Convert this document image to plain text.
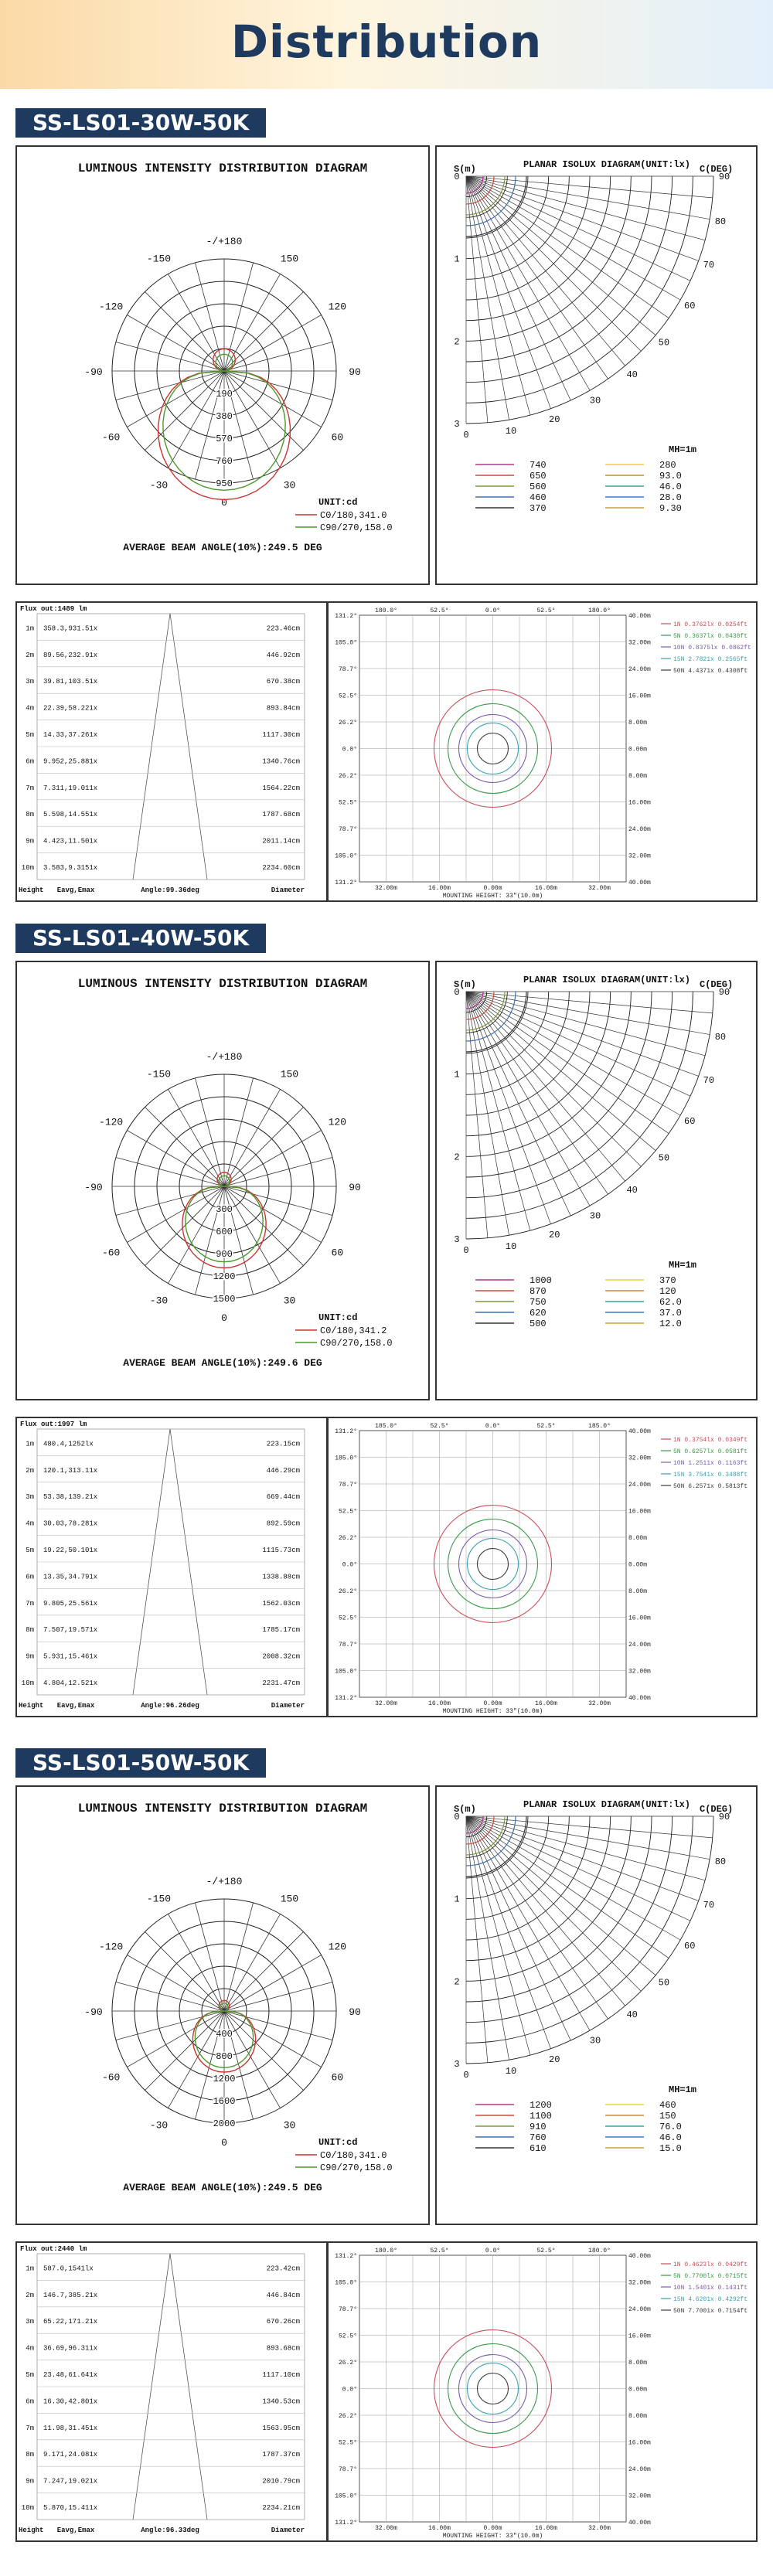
Distribution
SS-LS01-30W-50K
LUMINOUS INTENSITY DISTRIBUTION DIAGRAM
-/+180
-150	150
-120	120
-90	90
-60	60
-30	30
0
190
380
570
760
950
UNIT:cd
C0/180,341.0
C90/270,158.0
AVERAGE BEAM ANGLE(10%):249.5 DEG
PLANAR ISOLUX DIAGRAM(UNIT:lx)
S(m)	C(DEG)
90
80
70
60
50
40
30
20
10
0
0
1
2
3
MH=1m
740
650
560
460
370
280
93.0
46.0
28.0
9.30
Flux out:1489 lm
1m 358.3,931.51x	223.46cm
2m 89.56,232.91x	446.92cm
3m 39.81,103.51x	670.38cm
4m 22.39,58.221x	893.84cm
5m 14.33,37.261x	1117.30cm
6m 9.952,25.881x	1340.76cm
7m 7.311,19.011x	1564.22cm
8m 5.598,14.551x	1787.68cm
9m 4.423,11.501x	2011.14cm
10m 3.583,9.3151x	2234.60cm
Height Eavg,Emax	Angle:99.36deg	Diameter
180.0°	52.5°	0.0°	52.5°	180.0°
131.2°
105.0°
78.7°
52.5°
26.2°
0.0°
26.2°
52.5°
78.7°
105.0°
131.2°
40.00m
32.00m
24.00m
16.00m
8.00m
0.00m
8.00m
16.00m
24.00m
32.00m
40.00m
32.00m	16.00m	0.00m	16.00m	32.00m
MOUNTING HEIGHT: 33"(10.0m)
1N 0.3762lx 0.0254ft
5N 0.3637lx 0.0438ft
10N 0.8375lx 0.0862ft
15N 2.7821x 0.2565ft
50N 4.4371x 0.4308ft
SS-LS01-40W-50K
LUMINOUS INTENSITY DISTRIBUTION DIAGRAM
-/+180
-150	150
-120	120
-90	90
-60	60
-30	30
0
300
600
900
1200
1500
UNIT:cd
C0/180,341.2
C90/270,158.0
AVERAGE BEAM ANGLE(10%):249.6 DEG
PLANAR ISOLUX DIAGRAM(UNIT:lx)
S(m)	C(DEG)
90
80
70
60
50
40
30
20
10
0
0
1
2
3
MH=1m
1000
870
750
620
500
370
120
62.0
37.0
12.0
Flux out:1997 lm
1m 480.4,1252lx	223.15cm
2m 120.1,313.11x	446.29cm
3m 53.38,139.21x	669.44cm
4m 30.03,78.281x	892.59cm
5m 19.22,50.101x	1115.73cm
6m 13.35,34.791x	1338.88cm
7m 9.805,25.561x	1562.03cm
8m 7.507,19.571x	1785.17cm
9m 5.931,15.461x	2008.32cm
10m 4.804,12.521x	2231.47cm
Height Eavg,Emax	Angle:96.26deg	Diameter
185.0°	52.5°	0.0°	52.5°	185.0°
131.2°
185.0°
78.7°
52.5°
26.2°
0.0°
26.2°
52.5°
78.7°
105.0°
131.2°
40.00m
32.00m
24.00m
16.00m
8.00m
0.00m
8.00m
16.00m
24.00m
32.00m
40.00m
32.00m	16.00m	0.00m	16.00m	32.00m
MOUNTING HEIGHT: 33"(10.0m)
1N 0.3754lx 0.0349ft
5N 0.6257lx 0.0581ft
10N 1.2511x 0.1163ft
15N 3.7541x 0.3488ft
50N 6.2571x 0.5813ft
SS-LS01-50W-50K
LUMINOUS INTENSITY DISTRIBUTION DIAGRAM
-/+180
-150	150
-120	120
-90	90
-60	60
-30	30
0
400
800
1200
1600
2000
UNIT:cd
C0/180,341.0
C90/270,158.0
AVERAGE BEAM ANGLE(10%):249.5 DEG
PLANAR ISOLUX DIAGRAM(UNIT:lx)
S(m)	C(DEG)
90
80
70
60
50
40
30
20
10
0
0
1
2
3
MH=1m
1200
1100
910
760
610
460
150
76.0
46.0
15.0
Flux out:2440 lm
1m 587.0,1541lx	223.42cm
2m 146.7,385.21x	446.84cm
3m 65.22,171.21x	670.26cm
4m 36.69,96.311x	893.68cm
5m 23.48,61.641x	1117.10cm
6m 16.30,42.801x	1340.53cm
7m 11.98,31.451x	1563.95cm
8m 9.171,24.081x	1787.37cm
9m 7.247,19.021x	2010.79cm
10m 5.870,15.411x	2234.21cm
Height Eavg,Emax	Angle:96.33deg	Diameter
180.0°	52.5°	0.0°	52.5°	180.0°
131.2°
105.0°
78.7°
52.5°
26.2°
0.0°
26.2°
52.5°
78.7°
105.0°
131.2°
40.00m
32.00m
24.00m
16.00m
8.00m
0.00m
8.00m
16.00m
24.00m
32.00m
40.00m
32.00m	16.00m	0.00m	16.00m	32.00m
MOUNTING HEIGHT: 33"(10.0m)
1N 0.4623lx 0.0429ft
5N 0.7700lx 0.0715ft
10N 1.5401x 0.1431ft
15N 4.6201x 0.4292ft
50N 7.7001x 0.7154ft
